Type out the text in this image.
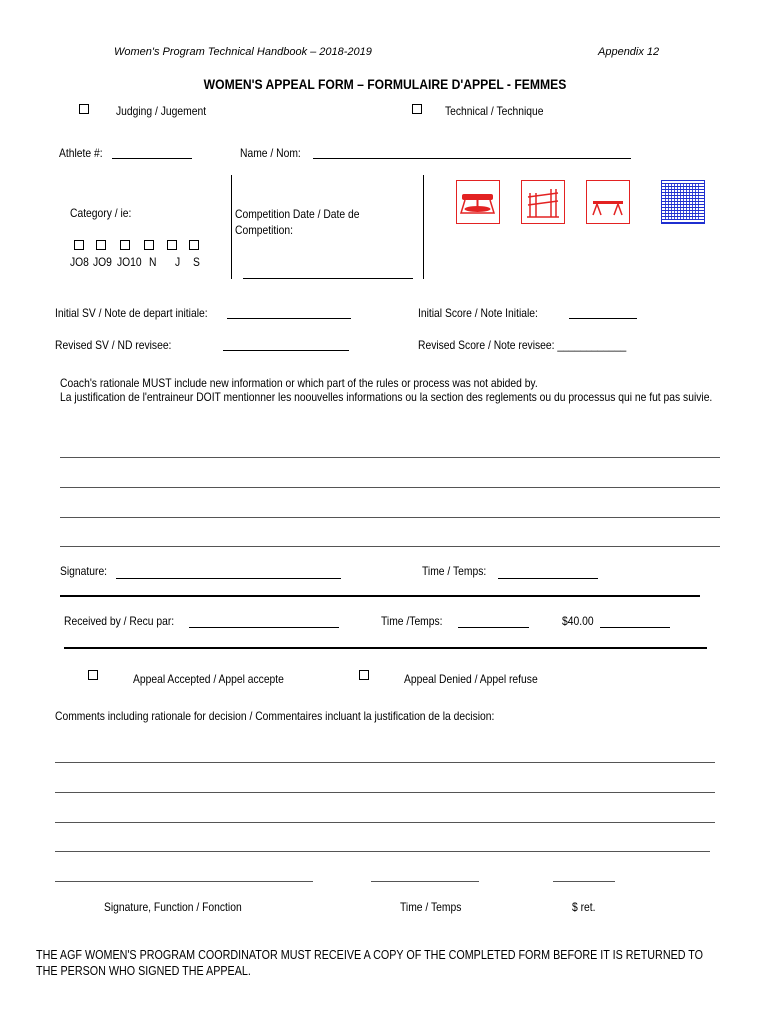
Women's Program Technical Handbook – 2018-2019	Appendix 12
WOMEN'S APPEAL FORM – FORMULAIRE D'APPEL - FEMMES
Judging / Jugement	Technical / Technique
Athlete #:	Name / Nom:
Category / ie:
JO8 JO9 JO10 N J S
Competition Date / Date de Competition:
Initial SV / Note de depart initiale:	Initial Score / Note Initiale:
Revised SV / ND revisee:	Revised Score / Note revisee: ____________
Coach's rationale MUST include new information or which part of the rules or process was not abided by.
La justification de l'entraineur DOIT mentionner les noouvelles informations ou la section des reglements ou du processus qui ne fut pas suivie.
Signature:	Time / Temps:
Received by / Recu par:	Time /Temps:	$40.00
Appeal Accepted / Appel accepte	Appeal Denied / Appel refuse
Comments including rationale for decision / Commentaires incluant la justification de la decision:
Signature, Function / Fonction	Time / Temps	$ ret.
THE AGF WOMEN'S PROGRAM COORDINATOR MUST RECEIVE A COPY OF THE COMPLETED FORM BEFORE IT IS RETURNED TO THE PERSON WHO SIGNED THE APPEAL.
